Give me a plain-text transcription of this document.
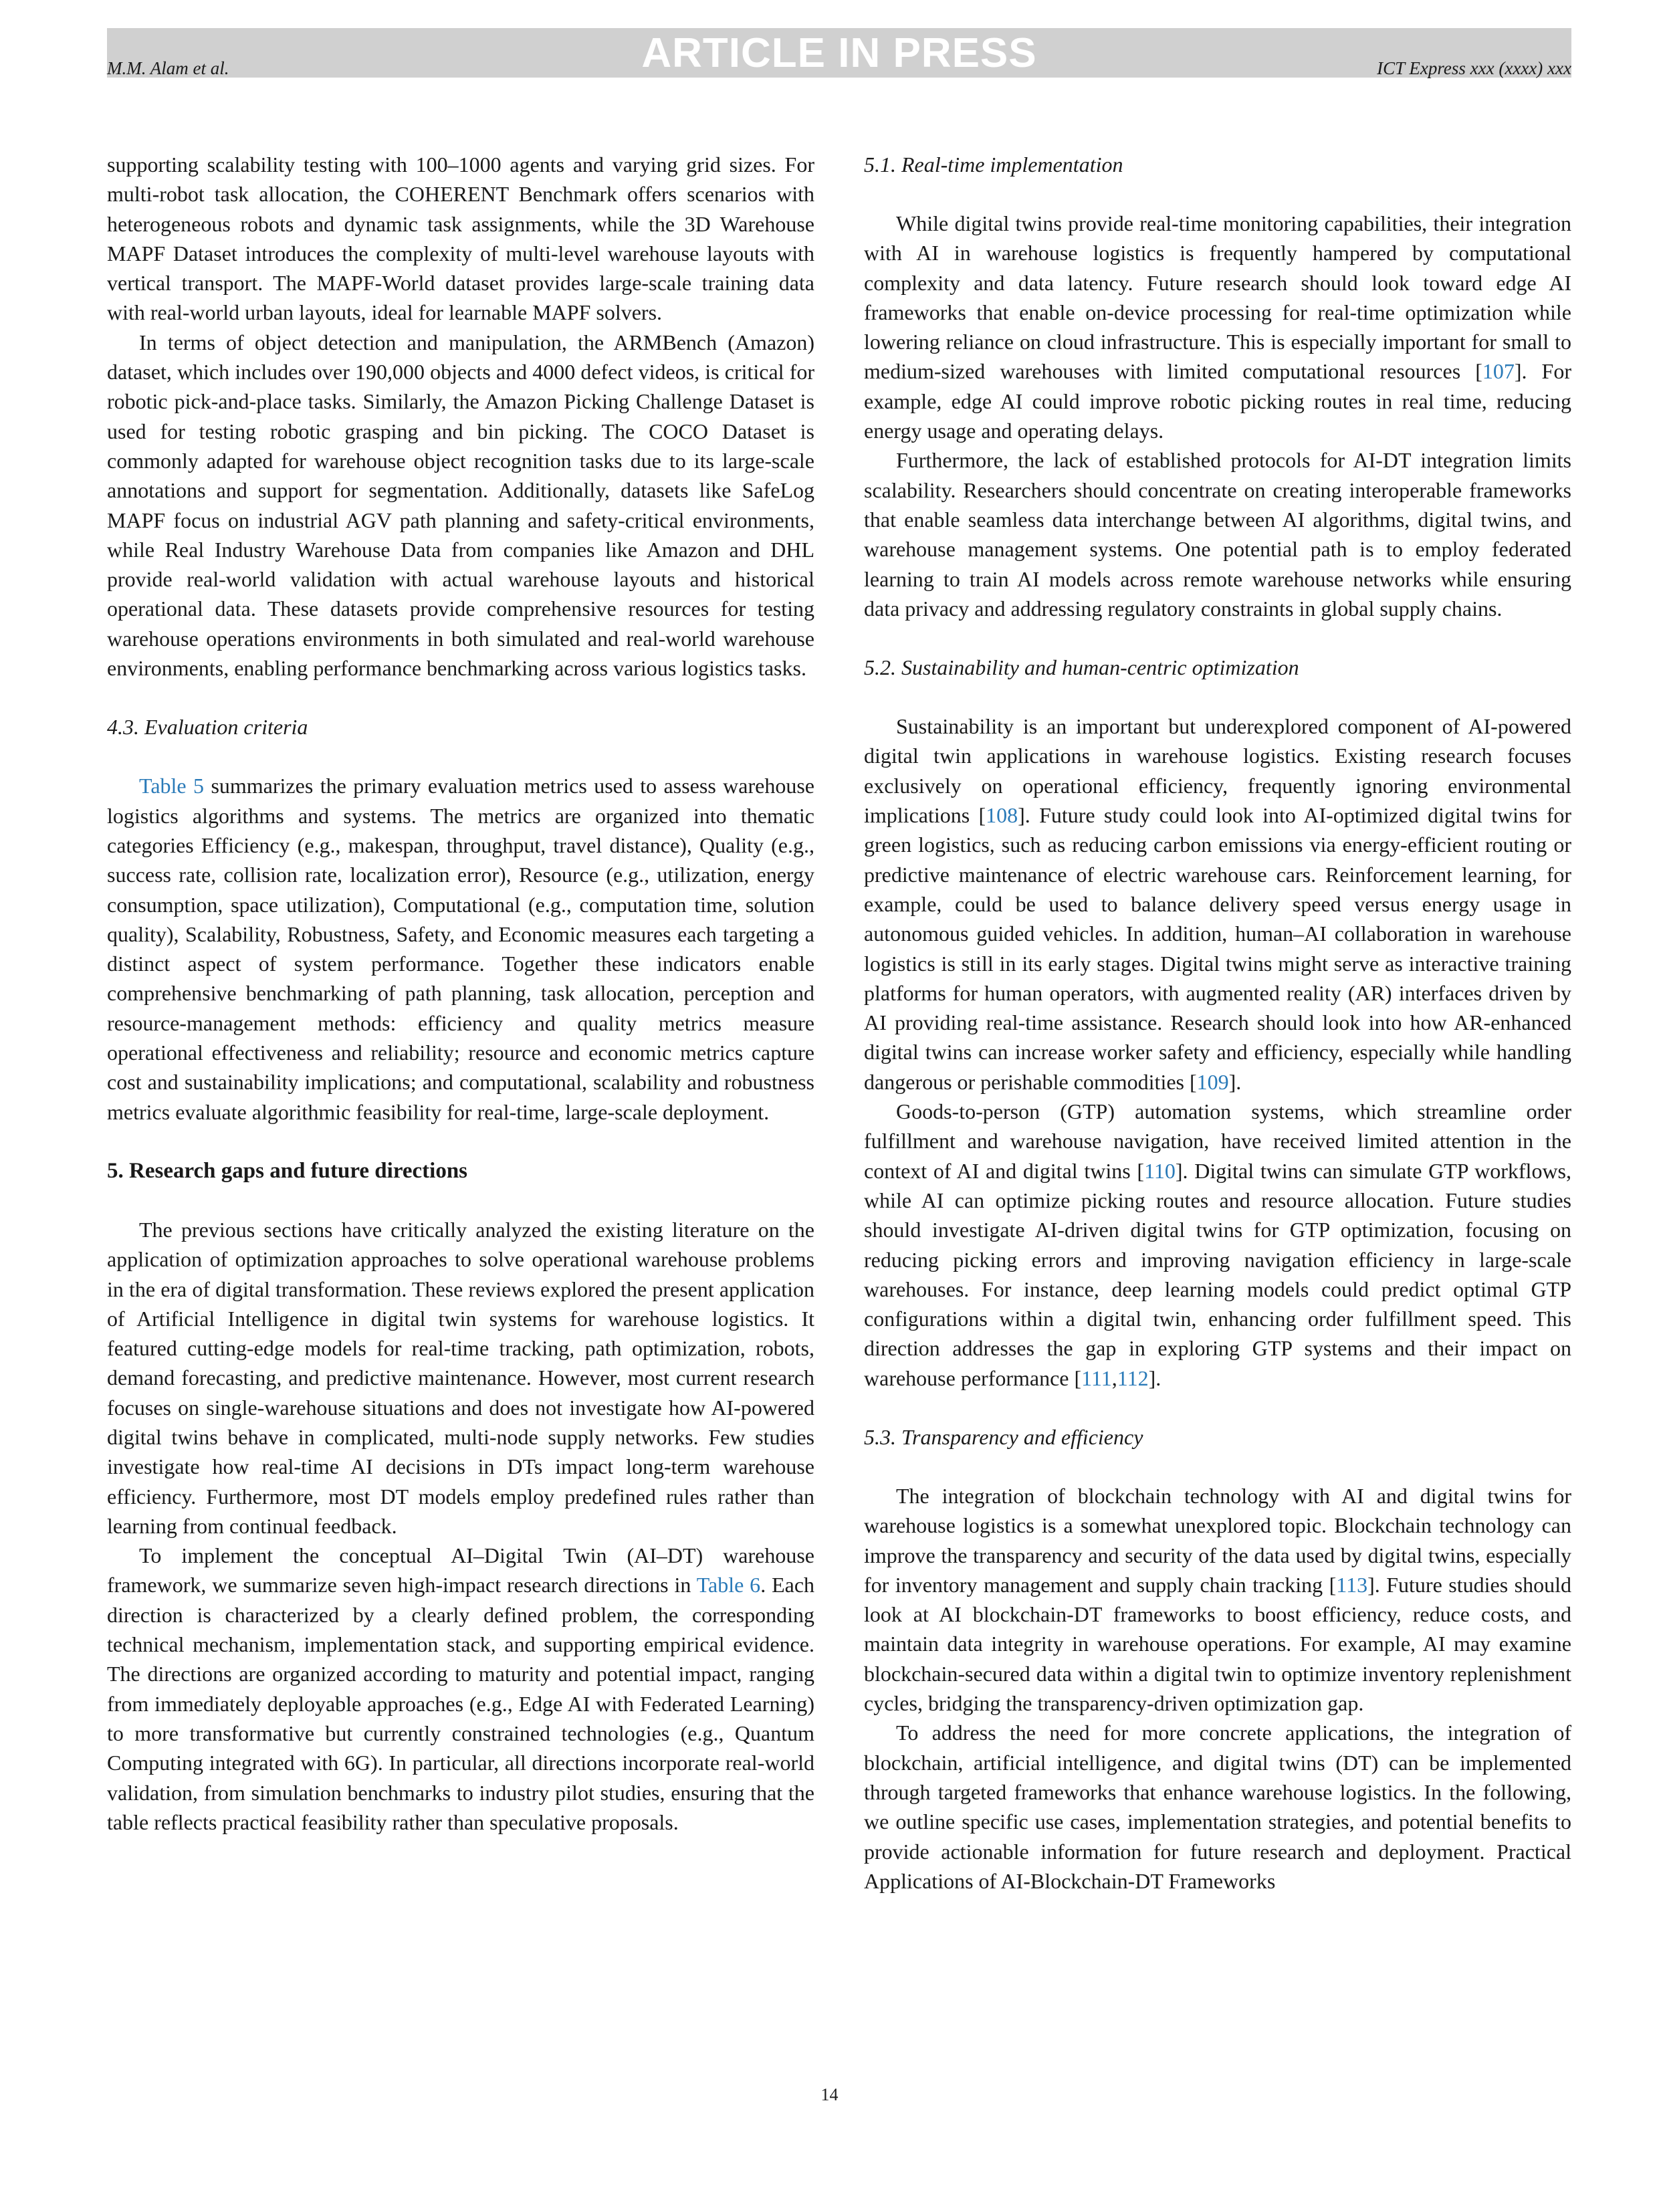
ARTICLE IN PRESS
M.M. Alam et al.	ICT Express xxx (xxxx) xxx

supporting scalability testing with 100–1000 agents and varying grid sizes. For multi-robot task allocation, the COHERENT Benchmark offers scenarios with heterogeneous robots and dynamic task assignments, while the 3D Warehouse MAPF Dataset introduces the complexity of multi-level warehouse layouts with vertical transport. The MAPF-World dataset provides large-scale training data with real-world urban layouts, ideal for learnable MAPF solvers.

In terms of object detection and manipulation, the ARMBench (Amazon) dataset, which includes over 190,000 objects and 4000 defect videos, is critical for robotic pick-and-place tasks. Similarly, the Amazon Picking Challenge Dataset is used for testing robotic grasping and bin picking. The COCO Dataset is commonly adapted for warehouse object recognition tasks due to its large-scale annotations and support for segmentation. Additionally, datasets like SafeLog MAPF focus on industrial AGV path planning and safety-critical environments, while Real Industry Warehouse Data from companies like Amazon and DHL provide real-world validation with actual warehouse layouts and historical operational data. These datasets provide comprehensive resources for testing warehouse operations environments in both simulated and real-world warehouse environments, enabling performance benchmarking across various logistics tasks.

4.3. Evaluation criteria

Table 5 summarizes the primary evaluation metrics used to assess warehouse logistics algorithms and systems. The metrics are organized into thematic categories Efficiency (e.g., makespan, throughput, travel distance), Quality (e.g., success rate, collision rate, localization error), Resource (e.g., utilization, energy consumption, space utilization), Computational (e.g., computation time, solution quality), Scalability, Robustness, Safety, and Economic measures each targeting a distinct aspect of system performance. Together these indicators enable comprehensive benchmarking of path planning, task allocation, perception and resource-management methods: efficiency and quality metrics measure operational effectiveness and reliability; resource and economic metrics capture cost and sustainability implications; and computational, scalability and robustness metrics evaluate algorithmic feasibility for real-time, large-scale deployment.

5. Research gaps and future directions

The previous sections have critically analyzed the existing literature on the application of optimization approaches to solve operational warehouse problems in the era of digital transformation. These reviews explored the present application of Artificial Intelligence in digital twin systems for warehouse logistics. It featured cutting-edge models for real-time tracking, path optimization, robots, demand forecasting, and predictive maintenance. However, most current research focuses on single-warehouse situations and does not investigate how AI-powered digital twins behave in complicated, multi-node supply networks. Few studies investigate how real-time AI decisions in DTs impact long-term warehouse efficiency. Furthermore, most DT models employ predefined rules rather than learning from continual feedback.

To implement the conceptual AI–Digital Twin (AI–DT) warehouse framework, we summarize seven high-impact research directions in Table 6. Each direction is characterized by a clearly defined problem, the corresponding technical mechanism, implementation stack, and supporting empirical evidence. The directions are organized according to maturity and potential impact, ranging from immediately deployable approaches (e.g., Edge AI with Federated Learning) to more transformative but currently constrained technologies (e.g., Quantum Computing integrated with 6G). In particular, all directions incorporate real-world validation, from simulation benchmarks to industry pilot studies, ensuring that the table reflects practical feasibility rather than speculative proposals.

5.1. Real-time implementation

While digital twins provide real-time monitoring capabilities, their integration with AI in warehouse logistics is frequently hampered by computational complexity and data latency. Future research should look toward edge AI frameworks that enable on-device processing for real-time optimization while lowering reliance on cloud infrastructure. This is especially important for small to medium-sized warehouses with limited computational resources [107]. For example, edge AI could improve robotic picking routes in real time, reducing energy usage and operating delays.

Furthermore, the lack of established protocols for AI-DT integration limits scalability. Researchers should concentrate on creating interoperable frameworks that enable seamless data interchange between AI algorithms, digital twins, and warehouse management systems. One potential path is to employ federated learning to train AI models across remote warehouse networks while ensuring data privacy and addressing regulatory constraints in global supply chains.

5.2. Sustainability and human-centric optimization

Sustainability is an important but underexplored component of AI-powered digital twin applications in warehouse logistics. Existing research focuses exclusively on operational efficiency, frequently ignoring environmental implications [108]. Future study could look into AI-optimized digital twins for green logistics, such as reducing carbon emissions via energy-efficient routing or predictive maintenance of electric warehouse cars. Reinforcement learning, for example, could be used to balance delivery speed versus energy usage in autonomous guided vehicles. In addition, human–AI collaboration in warehouse logistics is still in its early stages. Digital twins might serve as interactive training platforms for human operators, with augmented reality (AR) interfaces driven by AI providing real-time assistance. Research should look into how AR-enhanced digital twins can increase worker safety and efficiency, especially while handling dangerous or perishable commodities [109].

Goods-to-person (GTP) automation systems, which streamline order fulfillment and warehouse navigation, have received limited attention in the context of AI and digital twins [110]. Digital twins can simulate GTP workflows, while AI can optimize picking routes and resource allocation. Future studies should investigate AI-driven digital twins for GTP optimization, focusing on reducing picking errors and improving navigation efficiency in large-scale warehouses. For instance, deep learning models could predict optimal GTP configurations within a digital twin, enhancing order fulfillment speed. This direction addresses the gap in exploring GTP systems and their impact on warehouse performance [111,112].

5.3. Transparency and efficiency

The integration of blockchain technology with AI and digital twins for warehouse logistics is a somewhat unexplored topic. Blockchain technology can improve the transparency and security of the data used by digital twins, especially for inventory management and supply chain tracking [113]. Future studies should look at AI blockchain-DT frameworks to boost efficiency, reduce costs, and maintain data integrity in warehouse operations. For example, AI may examine blockchain-secured data within a digital twin to optimize inventory replenishment cycles, bridging the transparency-driven optimization gap.

To address the need for more concrete applications, the integration of blockchain, artificial intelligence, and digital twins (DT) can be implemented through targeted frameworks that enhance warehouse logistics. In the following, we outline specific use cases, implementation strategies, and potential benefits to provide actionable information for future research and deployment. Practical Applications of AI-Blockchain-DT Frameworks

14
